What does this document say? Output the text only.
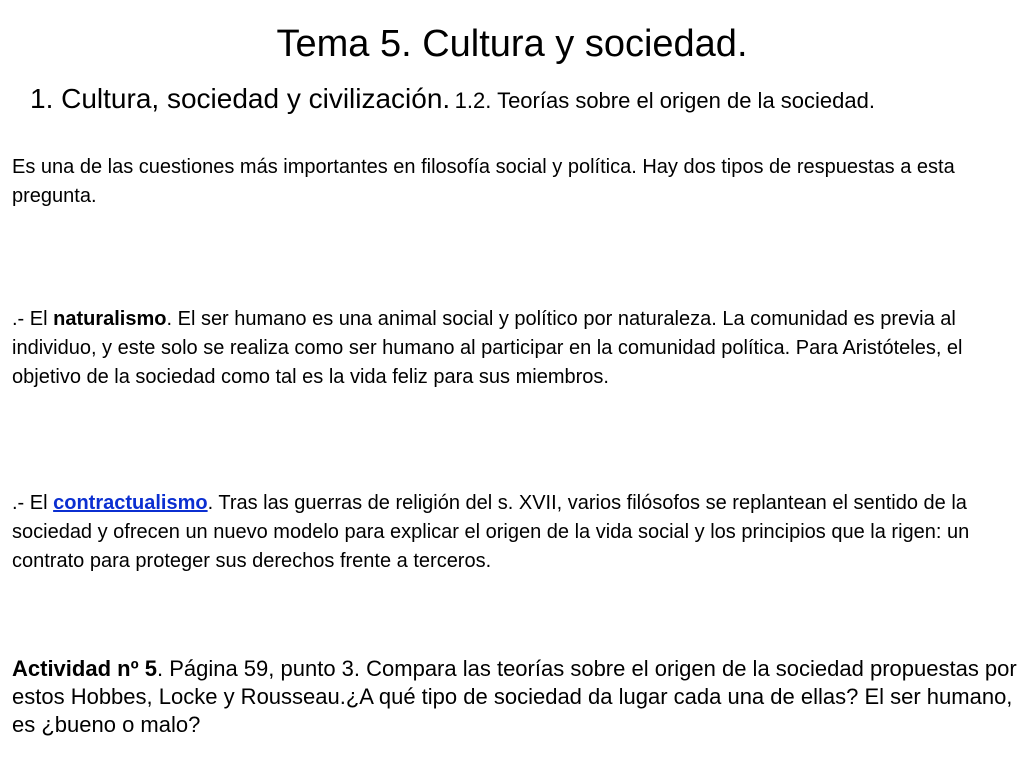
Tema 5. Cultura y sociedad.
1. Cultura, sociedad y civilización. 1.2. Teorías sobre el origen de la sociedad.
Es una de las cuestiones más importantes en filosofía social y política. Hay dos tipos de respuestas a esta pregunta.
.- El naturalismo. El ser humano es una animal social y político por naturaleza. La comunidad es previa al individuo, y este solo se realiza como ser humano al participar en la comunidad política. Para Aristóteles, el objetivo de la sociedad como tal es la vida feliz para sus miembros.
.- El contractualismo. Tras las guerras de religión del s. XVII, varios filósofos se replantean el sentido de la sociedad y ofrecen un nuevo modelo para explicar el origen de la vida social y los principios que la rigen: un contrato para proteger sus derechos frente a terceros.
Actividad nº 5. Página 59, punto 3. Compara las teorías sobre el origen de la sociedad propuestas por estos Hobbes, Locke y Rousseau.¿A qué tipo de sociedad da lugar cada una de ellas? El ser humano, es ¿bueno o malo?
